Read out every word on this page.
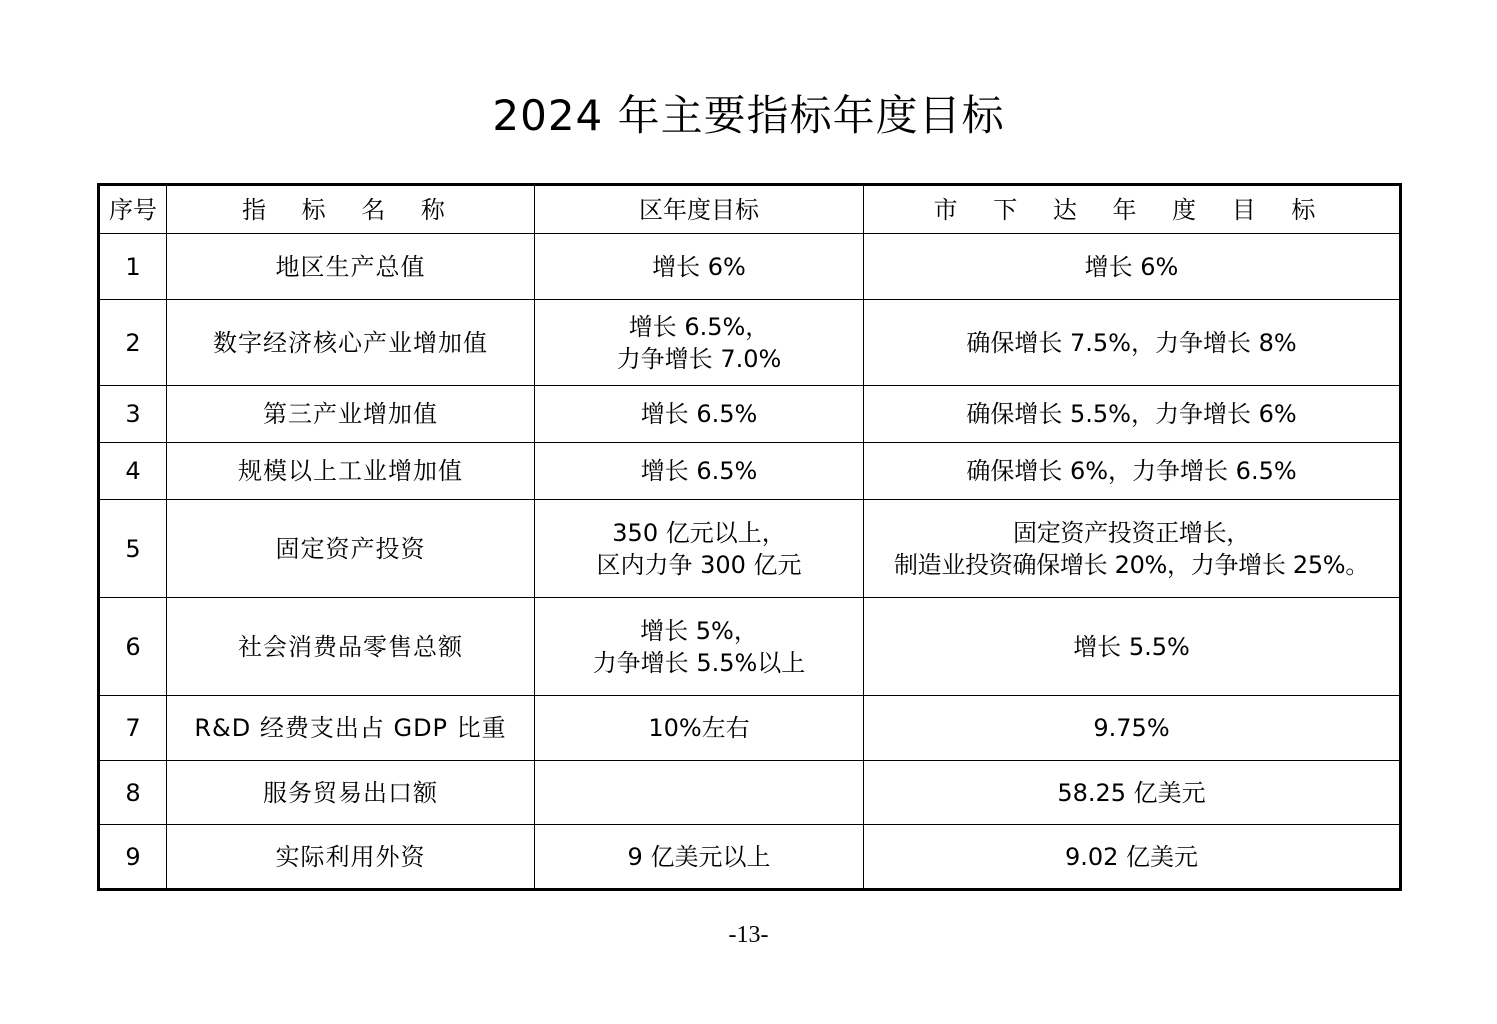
2024 年主要指标年度目标
序号	指 标 名 称	区年度目标	市 下 达 年 度 目 标
1	地区生产总值	增长 6%	增长 6%

2	数字经济核心产业增加值	增长 6.5%，
力争增长 7.0%	确保增长 7.5%，力争增长 8%

3	第三产业增加值	增长 6.5%	确保增长 5.5%，力争增长 6%

4	规模以上工业增加值	增长 6.5%	确保增长 6%，力争增长 6.5%

5	固定资产投资	350 亿元以上，
区内力争 300 亿元	固定资产投资正增长，
制造业投资确保增长 20%，力争增长 25%。

6	社会消费品零售总额	增长 5%，
力争增长 5.5%以上	增长 5.5%

7	R&D 经费支出占 GDP 比重	10%左右	9.75%

8	服务贸易出口额		58.25 亿美元

9	实际利用外资	9 亿美元以上	9.02 亿美元
-13-
